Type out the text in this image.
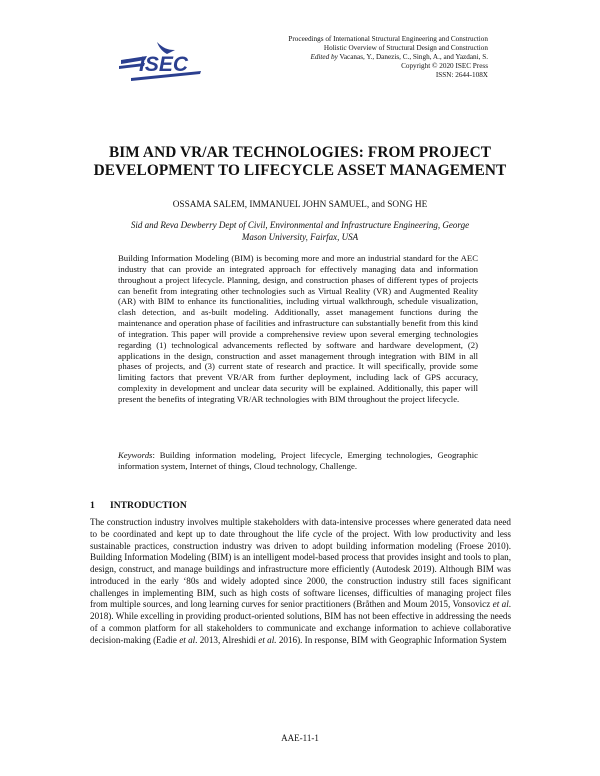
ISEC
Proceedings of International Structural Engineering and Construction
Holistic Overview of Structural Design and Construction
Edited by Vacanas, Y., Danezis, C., Singh, A., and Yazdani, S.
Copyright © 2020 ISEC Press
ISSN: 2644-108X
BIM AND VR/AR TECHNOLOGIES: FROM PROJECT DEVELOPMENT TO LIFECYCLE ASSET MANAGEMENT
OSSAMA SALEM, IMMANUEL JOHN SAMUEL, and SONG HE
Sid and Reva Dewberry Dept of Civil, Environmental and Infrastructure Engineering, George Mason University, Fairfax, USA
Building Information Modeling (BIM) is becoming more and more an industrial standard for the AEC industry that can provide an integrated approach for effectively managing data and information throughout a project lifecycle. Planning, design, and construction phases of different types of projects can benefit from integrating other technologies such as Virtual Reality (VR) and Augmented Reality (AR) with BIM to enhance its functionalities, including virtual walkthrough, schedule visualization, clash detection, and as-built modeling. Additionally, asset management functions during the maintenance and operation phase of facilities and infrastructure can substantially benefit from this kind of integration. This paper will provide a comprehensive review upon several emerging technologies regarding (1) technological advancements reflected by software and hardware development, (2) applications in the design, construction and asset management through integration with BIM in all phases of projects, and (3) current state of research and practice. It will specifically, provide some limiting factors that prevent VR/AR from further deployment, including lack of GPS accuracy, complexity in development and unclear data security will be explained. Additionally, this paper will present the benefits of integrating VR/AR technologies with BIM throughout the project lifecycle.
Keywords: Building information modeling, Project lifecycle, Emerging technologies, Geographic information system, Internet of things, Cloud technology, Challenge.
1 INTRODUCTION
The construction industry involves multiple stakeholders with data-intensive processes where generated data need to be coordinated and kept up to date throughout the life cycle of the project. With low productivity and less sustainable practices, construction industry was driven to adopt building information modeling (Froese 2010). Building Information Modeling (BIM) is an intelligent model-based process that provides insight and tools to plan, design, construct, and manage buildings and infrastructure more efficiently (Autodesk 2019). Although BIM was introduced in the early ‘80s and widely adopted since 2000, the construction industry still faces significant challenges in implementing BIM, such as high costs of software licenses, difficulties of managing project files from multiple sources, and long learning curves for senior practitioners (Bråthen and Moum 2015, Vonsovicz et al. 2018). While excelling in providing product-oriented solutions, BIM has not been effective in addressing the needs of a common platform for all stakeholders to communicate and exchange information to achieve collaborative decision-making (Eadie et al. 2013, Alreshidi et al. 2016). In response, BIM with Geographic Information System
AAE-11-1
